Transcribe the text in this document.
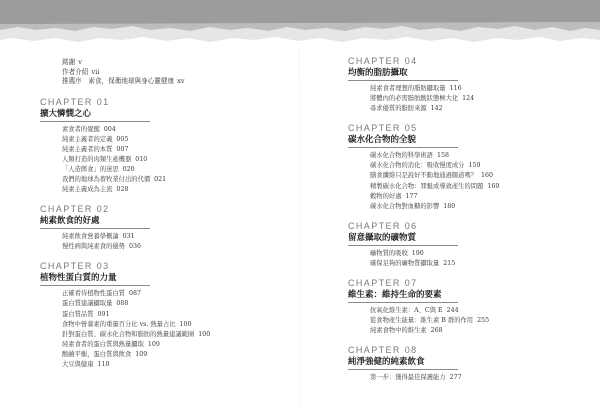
銘謝 v
作者介紹 vii
推薦序　素食，保衛地球與身心靈健康 xv
CHAPTER 01
擴大憐憫之心
素食者的覺醒 004
純素主義者的定義 005
純素主義者的本質 007
人類打造的肉類生產機器 010
「人造餌食」的迷思 020
我們的地球為畜牧業付出的代價 021
純素主義成為主流 028
CHAPTER 02
純素飲食的好處
純素飲食營養學概論 031
慢性病與純素食的優勢 036
CHAPTER 03
植物性蛋白質的力量
正確看待植物性蛋白質 087
蛋白質建議攝取量 088
蛋白質品質 091
食物中營養素的重量百分比 vs. 熱量占比 100
針對蛋白質、碳水化合物和脂肪的熱量建議範圍 100
純素食者的蛋白質與熱量攝取 109
酸鹼平衡，蛋白質與飲食 109
大豆與健康 110
CHAPTER 04
均衡的脂肪攝取
純素食者理想的脂肪攝取量 116
將體內的必需脂肪酸狀態極大化 124
尋求優質的脂肪來源 142
CHAPTER 05
碳水化合物的全貌
碳水化合物的科學術語 158
碳水化合物的消化：吸收慢度成分 159
膳食纖維只是說好不動地通過腸道嗎？ 160
精製碳水化合物：罪魁或導致產生的問題 169
穀物的好處 177
碳水化合物對血糖的影響 180
CHAPTER 06
留意攝取的礦物質
礦物質的吸收 190
確保足夠的礦物質攝取量 215
CHAPTER 07
維生素：維持生命的要素
抗氧化維生素：A、C與 E 244
從食物產生能量：維生素 B 群的作用 255
純素食物中的維生素 268
CHAPTER 08
純淨強健的純素飲食
第一步：獲得最佳保護能力 277
